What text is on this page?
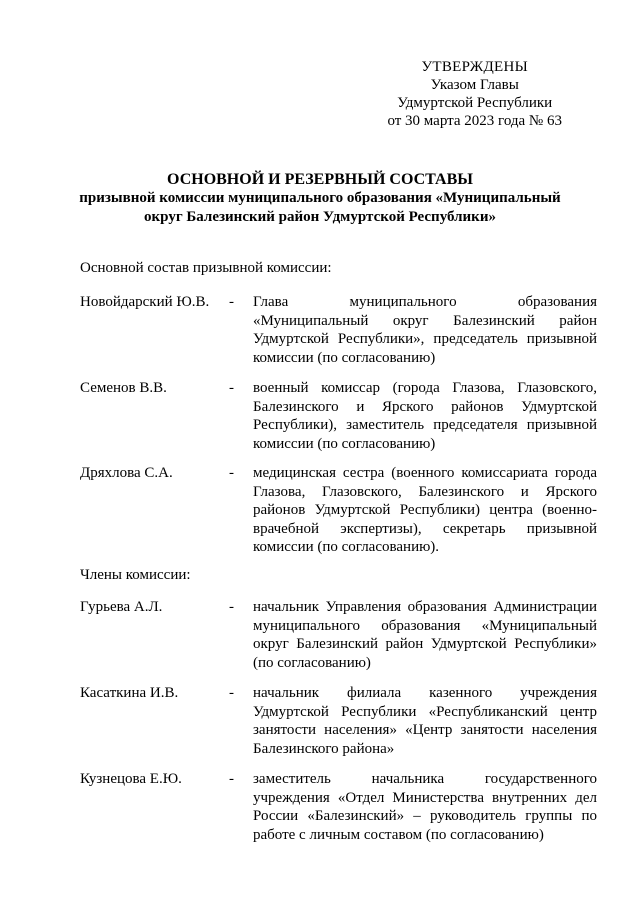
УТВЕРЖДЕНЫ
Указом Главы
Удмуртской Республики
от 30 марта 2023 года № 63
ОСНОВНОЙ И РЕЗЕРВНЫЙ СОСТАВЫ
призывной комиссии муниципального образования «Муниципальный
округ Балезинский район Удмуртской Республики»
Основной состав призывной комиссии:
Новойдарский Ю.В. - Глава муниципального образования «Муниципальный округ Балезинский район Удмуртской Республики», председатель призывной комиссии (по согласованию)
Семенов В.В.	- военный комиссар (города Глазова, Глазовского, Балезинского и Ярского районов Удмуртской Республики), заместитель председателя призывной комиссии (по согласованию)
Дряхлова С.А.	- медицинская сестра (военного комиссариата города Глазова, Глазовского, Балезинского и Ярского районов Удмуртской Республики) центра (военно-врачебной экспертизы), секретарь призывной комиссии (по согласованию).
Члены комиссии:
Гурьева А.Л.	- начальник Управления образования Администрации муниципального образования «Муниципальный округ Балезинский район Удмуртской Республики» (по согласованию)
Касаткина И.В.	- начальник филиала казенного учреждения Удмуртской Республики «Республиканский центр занятости населения» «Центр занятости населения Балезинского района»
Кузнецова Е.Ю.	- заместитель начальника государственного учреждения «Отдел Министерства внутренних дел России «Балезинский» – руководитель группы по работе с личным составом (по согласованию)
